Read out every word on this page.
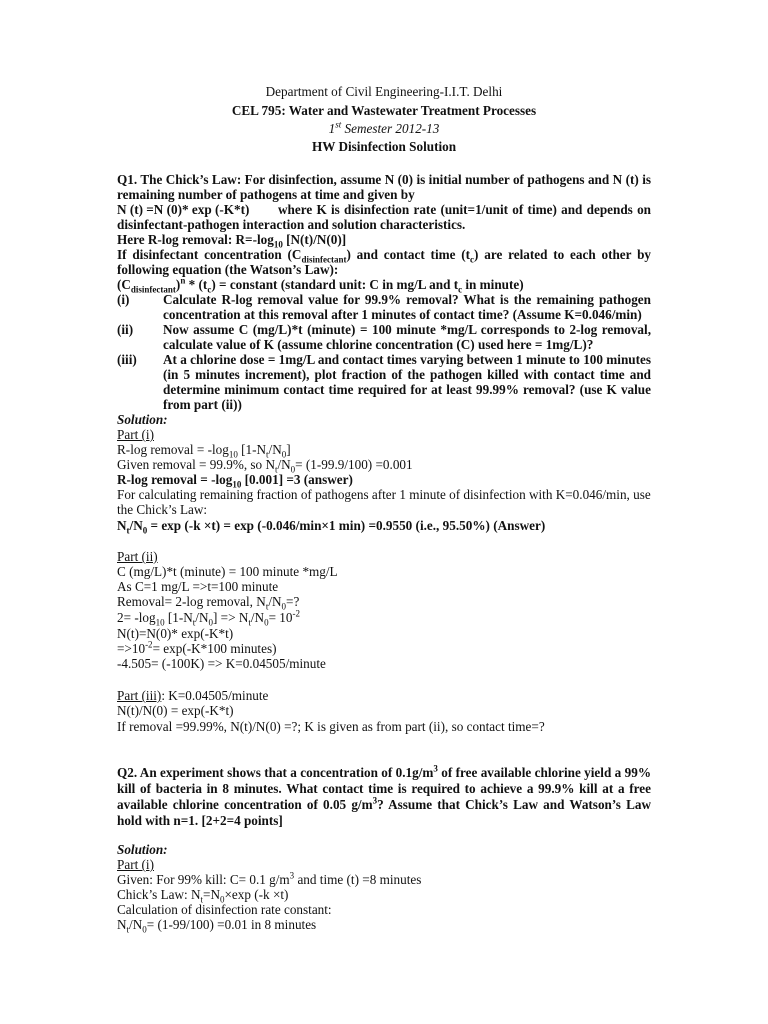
Department of Civil Engineering-I.I.T. Delhi
CEL 795: Water and Wastewater Treatment Processes
1st Semester 2012-13
HW Disinfection Solution
Q1. The Chick’s Law: For disinfection, assume N (0) is initial number of pathogens and N (t) is
remaining number of pathogens at time and given by
N (t) =N (0)* exp (-K*t) where K is disinfection rate (unit=1/unit of time) and depends on
disinfectant-pathogen interaction and solution characteristics.
Here R-log removal: $R=-\log_{10}$ [N(t)/N(0)]
If disinfectant concentration $(C_{disinfectant})$ and contact time $(t_c)$ are related to each other by
following equation (the Watson’s Law):
$(C_{disinfectant})^n * (t_c)$ = constant (standard unit: C in mg/L and $t_c$ in minute)
(i)	Calculate R-log removal value for 99.9% removal? What is the remaining pathogen
concentration at this removal after 1 minutes of contact time? (Assume K=0.046/min)
(ii) Now assume C (mg/L)*t (minute) = 100 minute *mg/L corresponds to 2-log removal,
calculate value of K (assume chlorine concentration (C) used here = 1mg/L)?
(iii) At a chlorine dose = 1mg/L and contact times varying between 1 minute to 100 minutes
(in 5 minutes increment), plot fraction of the pathogen killed with contact time and
determine minimum contact time required for at least 99.99% removal? (use K value
from part (ii))
Solution:
Part (i)
R-log removal = $-\log_{10}$ $[1-N_t/N_0]$
Given removal = 99.9%, so $N_t/N_0= (1-99.9/100) =0.001$
R-log removal = $-\log_{10}$ [0.001] =3 (answer)
For calculating remaining fraction of pathogens after 1 minute of disinfection with K=0.046/min, use
the Chick’s Law:
$N_t/N_0 = \exp (-k \times t) = \exp (-0.046/\min\times 1$ min) =0.9550 (i.e., 95.50%) (Answer)
Part (ii)
C (mg/L)*t (minute) = 100 minute *mg/L
As C=1 mg/L =>t=100 minute
Removal= 2-log removal, $N_t/N_0=$?
$2= -\log_{10}$ $[1-N_t/N_0] => N_t/N_0= 10^{-2}$
N(t)=N(0)* exp(-K*t)
$=>10^{-2}= \exp(-K*100$ minutes)
-4.505= (-100K) => K=0.04505/minute
Part (iii): K=0.04505/minute
N(t)/N(0) = exp(-K*t)
If removal =99.99%, N(t)/N(0) =?; K is given as from part (ii), so contact time=?
Q2. An experiment shows that a concentration of $0.1g/m^3$ of free available chlorine yield a 99%
kill of bacteria in 8 minutes. What contact time is required to achieve a 99.9% kill at a free
available chlorine concentration of 0.05 $g/m^3$? Assume that Chick’s Law and Watson’s Law
hold with n=1. [2+2=4 points]
Solution:
Part (i)
Given: For 99% kill: C= 0.1 $g/m^3$ and time (t) =8 minutes
Chick’s Law: $N_t=N_0\times\exp$ (-k ×t)
Calculation of disinfection rate constant:
$N_t/N_0= (1-99/100) =0.01$ in 8 minutes
